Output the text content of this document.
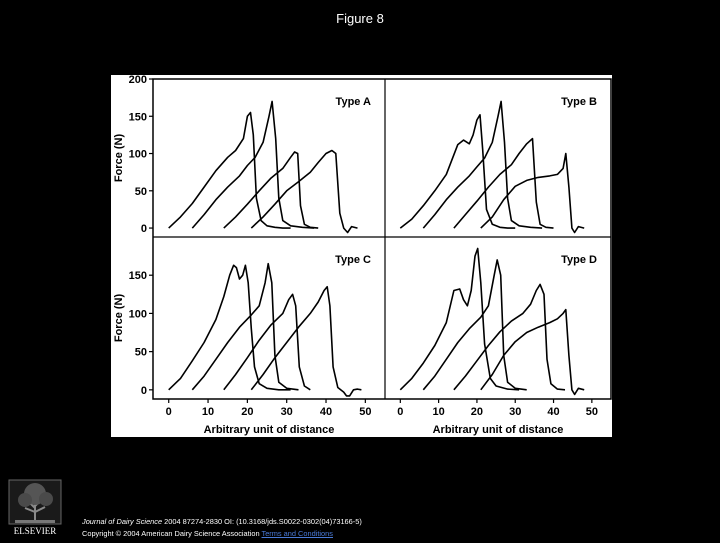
Figure 8
0
50
100
150
200
0
50
100
150
Force (N)
Force (N)
0	10 20 30 40 50
Arbitrary unit of distance
0	10 20 30 40 50
Arbitrary unit of distance
Type A	Type B
Type C	Type D
ELSEVIER
Journal of Dairy Science 2004 87274-2830 OI: (10.3168/jds.S0022-0302(04)73166-5)
Copyright © 2004 American Dairy Science Association Terms and Conditions
